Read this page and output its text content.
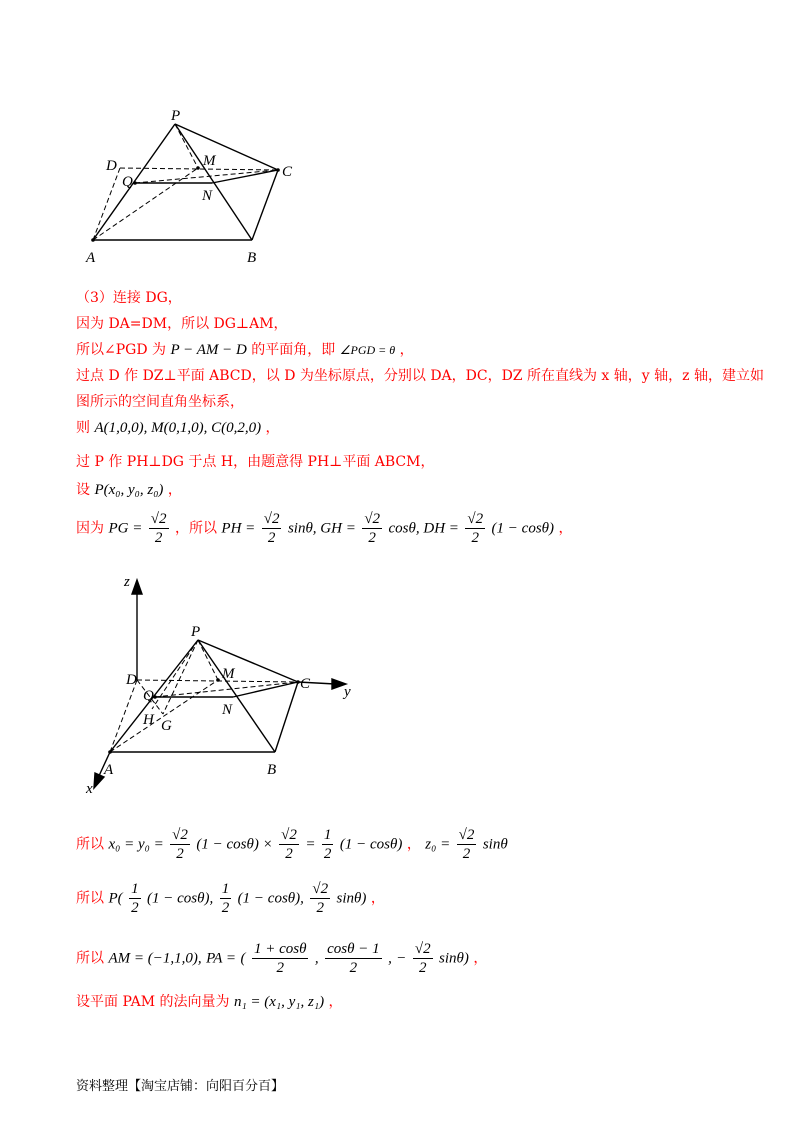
P
D	M
C
Q
N
A	B
（3）连接 DG，
因为 DA=DM，所以 DG⊥AM，
所以∠PGD 为 P − AM − D 的平面角，即 ∠PGD = θ ，
过点 D 作 DZ⊥平面 ABCD，以 D 为坐标原点，分别以 DA，DC，DZ 所在直线为 x 轴，y 轴，z 轴，建立如
图所示的空间直角坐标系，
则 A(1,0,0), M(0,1,0), C(0,2,0) ，
过 P 作 PH⊥DG 于点 H，由题意得 PH⊥平面 ABCM，
设 P(x₀, y₀, z₀) ，
因为 PG = $\frac{√2}{2}$ ，所以 PH = $\frac{√2}{2} \sin\theta$, GH = $\frac{√2}{2} \cos\theta$, DH = $\frac{√2}{2} (1 - \cos\theta)$ ，
z
P
D	M
C y
Q
N
H G
A	B
x
所以 $x_0 = y_0 = \frac{√2}{2} (1 - \cos\theta) \times \frac{√2}{2} = \frac{1}{2} (1 - \cos\theta)$ ， $z_0 = \frac{√2}{2}$ sinθ
所以 $P( \frac{1}{2} (1 - \cos\theta)$, $\frac{1}{2} (1 - \cos\theta)$, $\frac{√2}{2} \sin\theta$) ，
所以 AM = (−1,1,0), PA = ( $\frac{1 + \cos\theta}{2}$ , $\frac{\cos\theta - 1}{2}$ , − $\frac{√2}{2} \sin\theta$) ，
设平面 PAM 的法向量为 n₁ = (x₁, y₁, z₁) ，
资料整理【淘宝店铺：向阳百分百】
